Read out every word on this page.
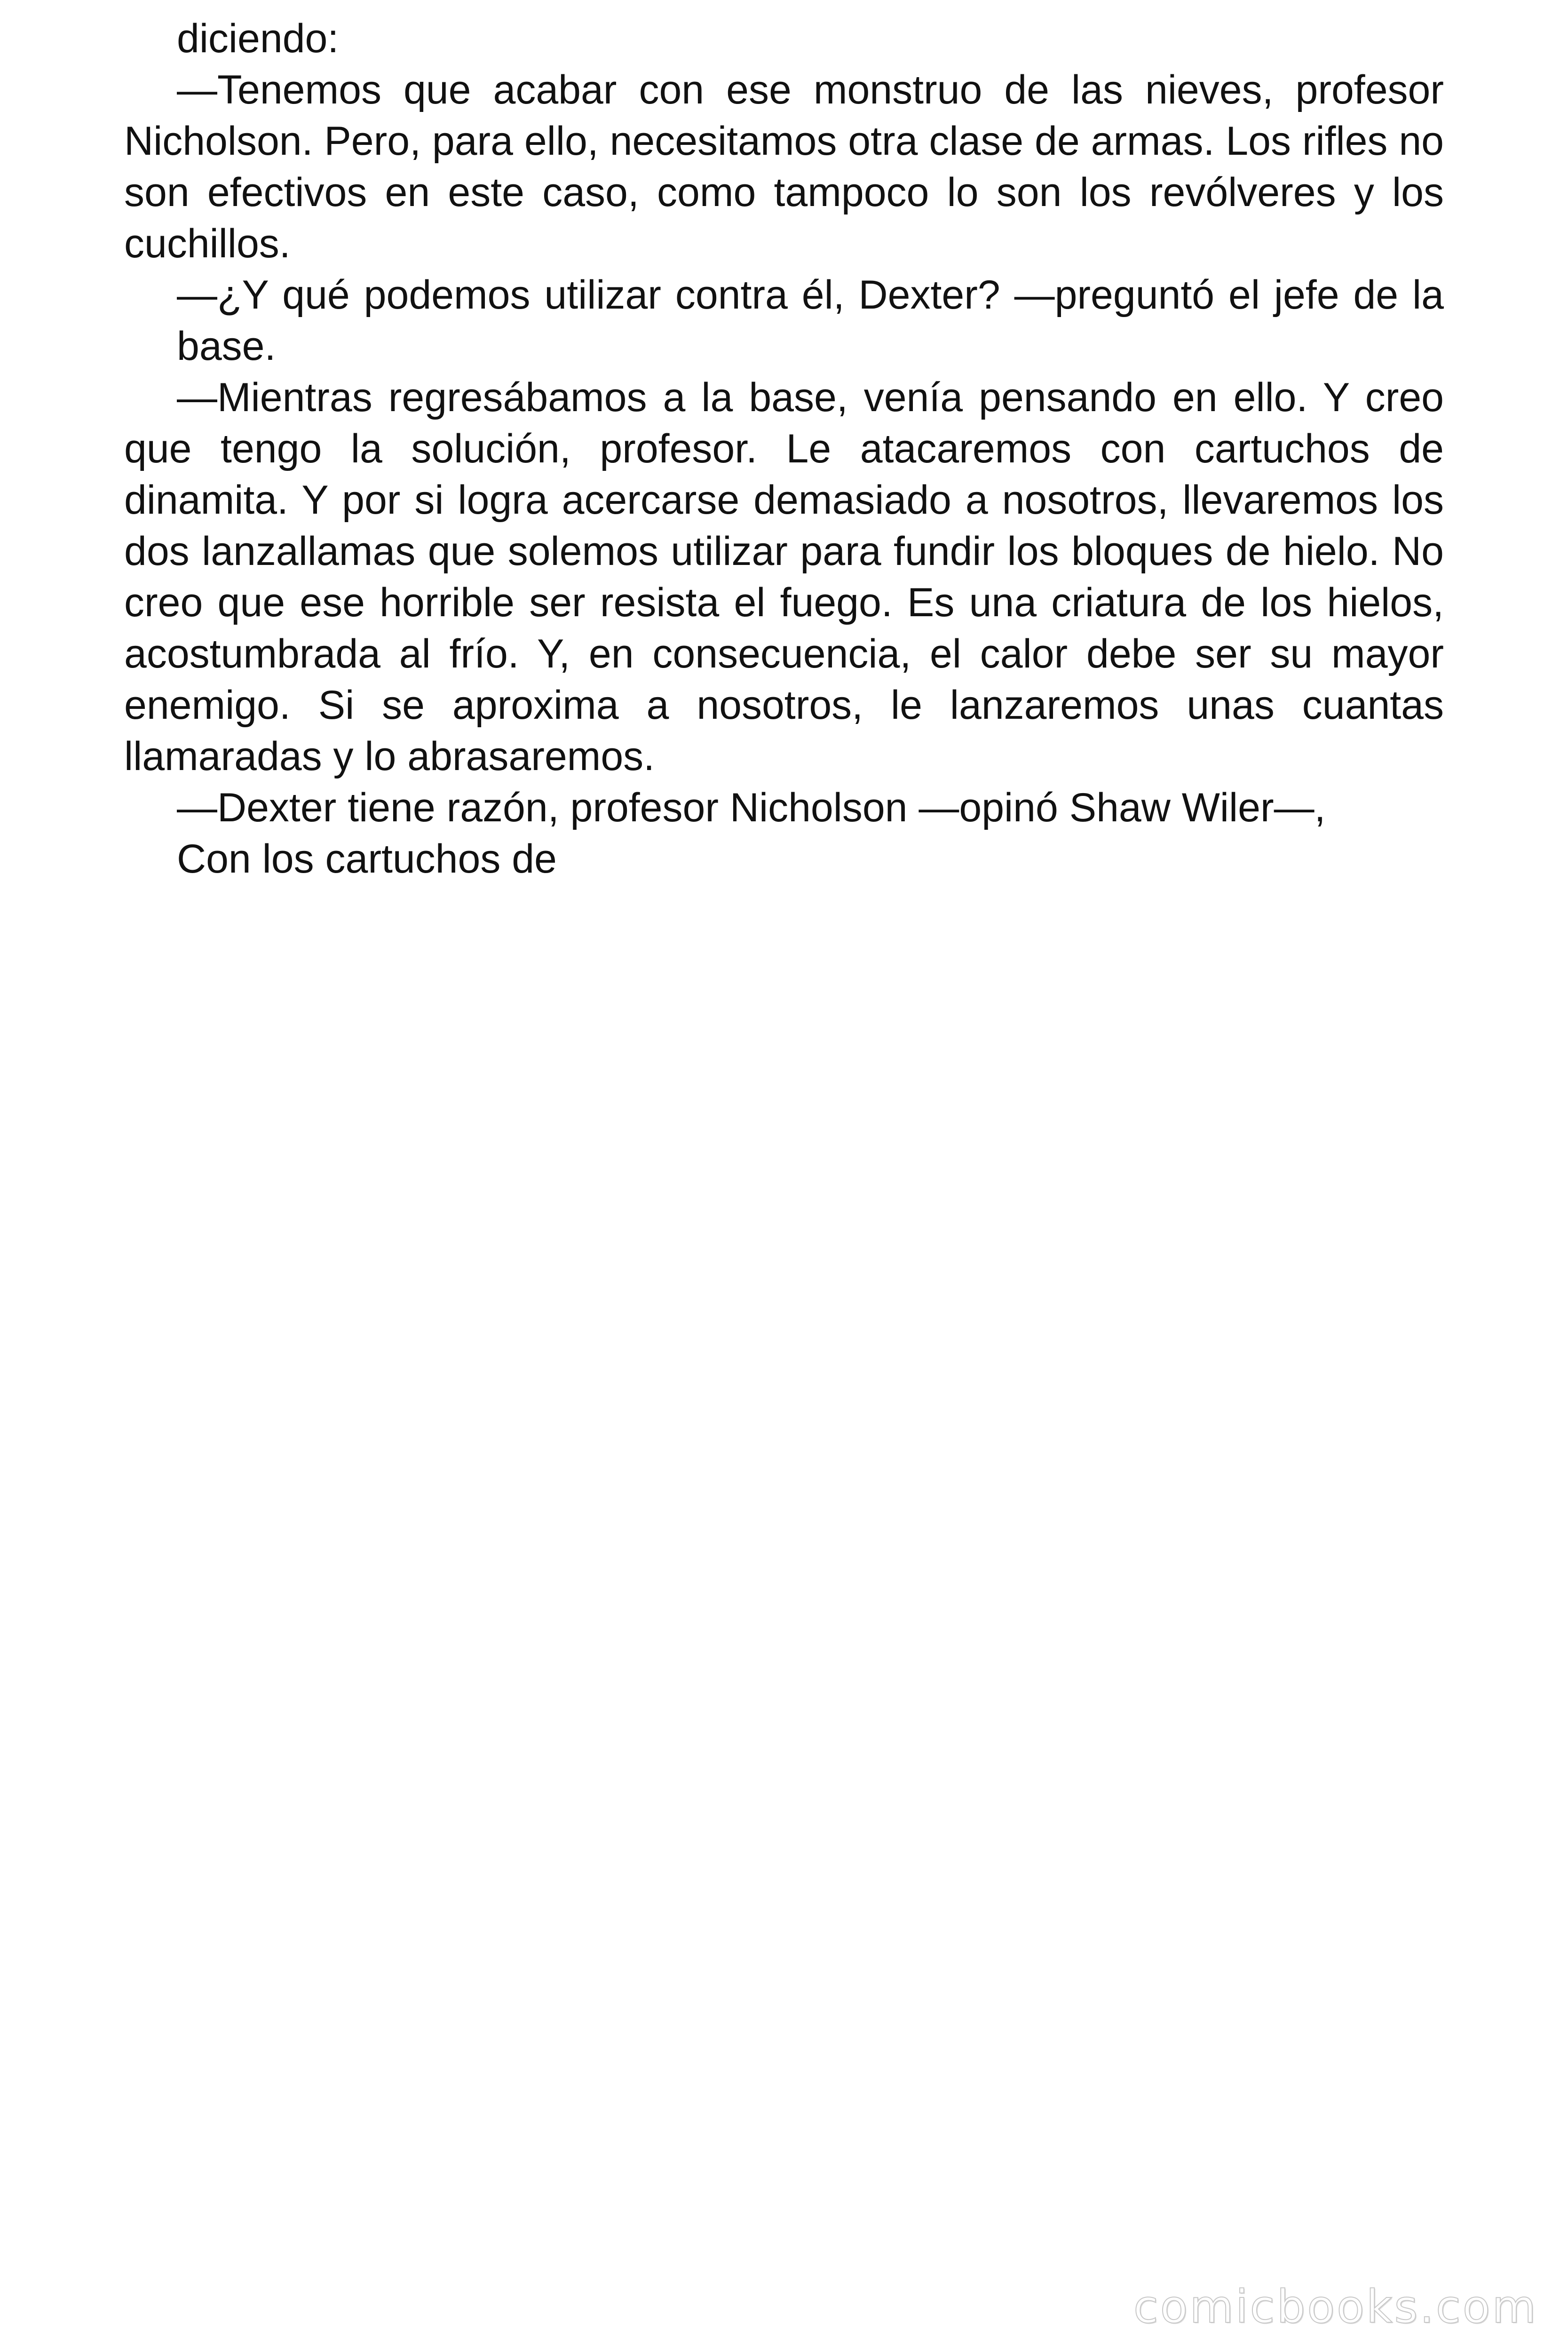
diciendo:

—Tenemos que acabar con ese monstruo de las nieves, profesor Nicholson. Pero, para ello, necesitamos otra clase de armas. Los rifles no son efectivos en este caso, como tampoco lo son los revólveres y los cuchillos.

—¿Y qué podemos utilizar contra él, Dexter? —preguntó el jefe de la base.

—Mientras regresábamos a la base, venía pensando en ello. Y creo que tengo la solución, profesor. Le atacaremos con cartuchos de dinamita. Y por si logra acercarse demasiado a nosotros, llevaremos los dos lanzallamas que solemos utilizar para fundir los bloques de hielo. No creo que ese horrible ser resista el fuego. Es una criatura de los hielos, acostumbrada al frío. Y, en consecuencia, el calor debe ser su mayor enemigo. Si se aproxima a nosotros, le lanzaremos unas cuantas llamaradas y lo abrasaremos.

—Dexter tiene razón, profesor Nicholson —opinó Shaw Wiler—,

Con los cartuchos de

comicbooks.com
